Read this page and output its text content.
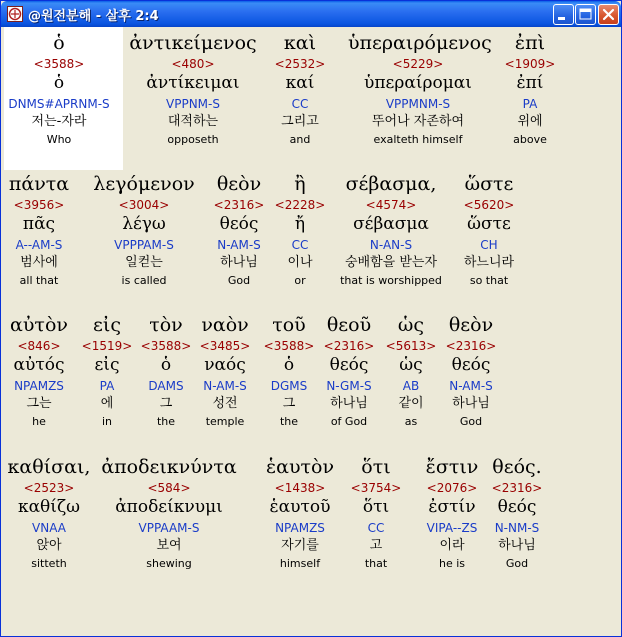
@원전분해 - 살후 2:4
ὁ
<3588>
ὁ
DNMS#APRNM-S
저는-자라
Who
ἀντικείμενος
<480>
ἀντίκειμαι
VPPNM-S
대적하는
opposeth
καὶ
<2532>
καί
CC
그리고
and
ὑπεραιρόμενος
<5229>
ὑπεραίρομαι
VPPMNM-S
뚜어나 자존하여
exalteth himself
ἐπὶ
<1909>
ἐπί
PA
위에
above
πάντα
<3956>
πᾶς
A--AM-S
범사에
all that
λεγόμενον
<3004>
λέγω
VPPPAM-S
일컫는
is called
θεὸν
<2316>
θεός
N-AM-S
하나님
God
ἢ
<2228>
ἤ
CC
이나
or
σέβασμα,
<4574>
σέβασμα
N-AN-S
숭배함을 받는자
that is worshipped
ὥστε
<5620>
ὥστε
CH
하느니라
so that
αὐτὸν
<846>
αὐτός
NPAMZS
그는
he
εἰς
<1519>
εἰς
PA
에
in
τὸν
<3588>
ὁ
DAMS
그
the
ναὸν
<3485>
ναός
N-AM-S
성전
temple
τοῦ
<3588>
ὁ
DGMS
그
the
θεοῦ
<2316>
θεός
N-GM-S
하나님
of God
ὡς
<5613>
ὡς
AB
같이
as
θεὸν
<2316>
θεός
N-AM-S
하나님
God
καθίσαι,
<2523>
καθίζω
VNAA
앉아
sitteth
ἀποδεικνύντα
<584>
ἀποδείκνυμι
VPPAAM-S
보여
shewing
ἑαυτὸν
<1438>
ἑαυτοῦ
NPAMZS
자기를
himself
ὅτι
<3754>
ὅτι
CC
고
that
ἔστιν
<2076>
ἐστίν
VIPA--ZS
이라
he is
θεός.
<2316>
θεός
N-NM-S
하나님
God
